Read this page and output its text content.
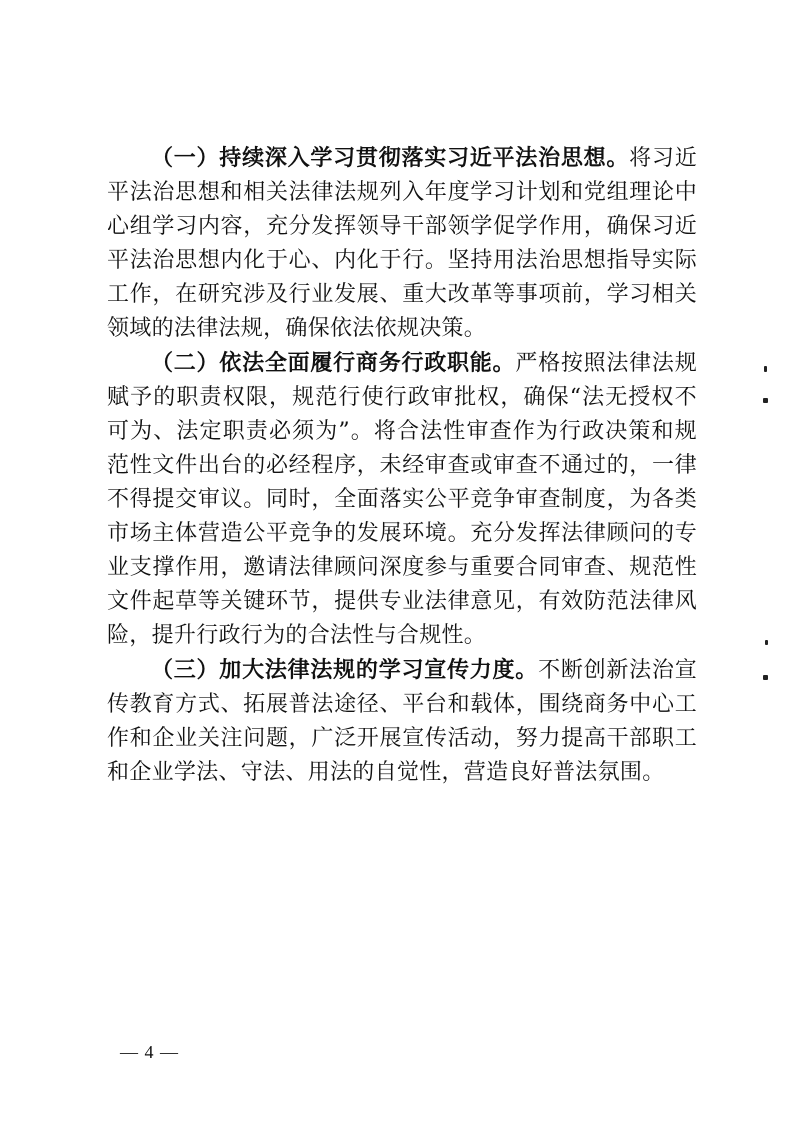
（一）持续深入学习贯彻落实习近平法治思想。将习近平法治思想和相关法律法规列入年度学习计划和党组理论中心组学习内容，充分发挥领导干部领学促学作用，确保习近平法治思想内化于心、内化于行。坚持用法治思想指导实际工作，在研究涉及行业发展、重大改革等事项前，学习相关领域的法律法规，确保依法依规决策。

（二）依法全面履行商务行政职能。严格按照法律法规赋予的职责权限，规范行使行政审批权，确保“法无授权不可为、法定职责必须为”。将合法性审查作为行政决策和规范性文件出台的必经程序，未经审查或审查不通过的，一律不得提交审议。同时，全面落实公平竞争审查制度，为各类市场主体营造公平竞争的发展环境。充分发挥法律顾问的专业支撑作用，邀请法律顾问深度参与重要合同审查、规范性文件起草等关键环节，提供专业法律意见，有效防范法律风险，提升行政行为的合法性与合规性。

（三）加大法律法规的学习宣传力度。不断创新法治宣传教育方式、拓展普法途径、平台和载体，围绕商务中心工作和企业关注问题，广泛开展宣传活动，努力提高干部职工和企业学法、守法、用法的自觉性，营造良好普法氛围。

— 4 —
